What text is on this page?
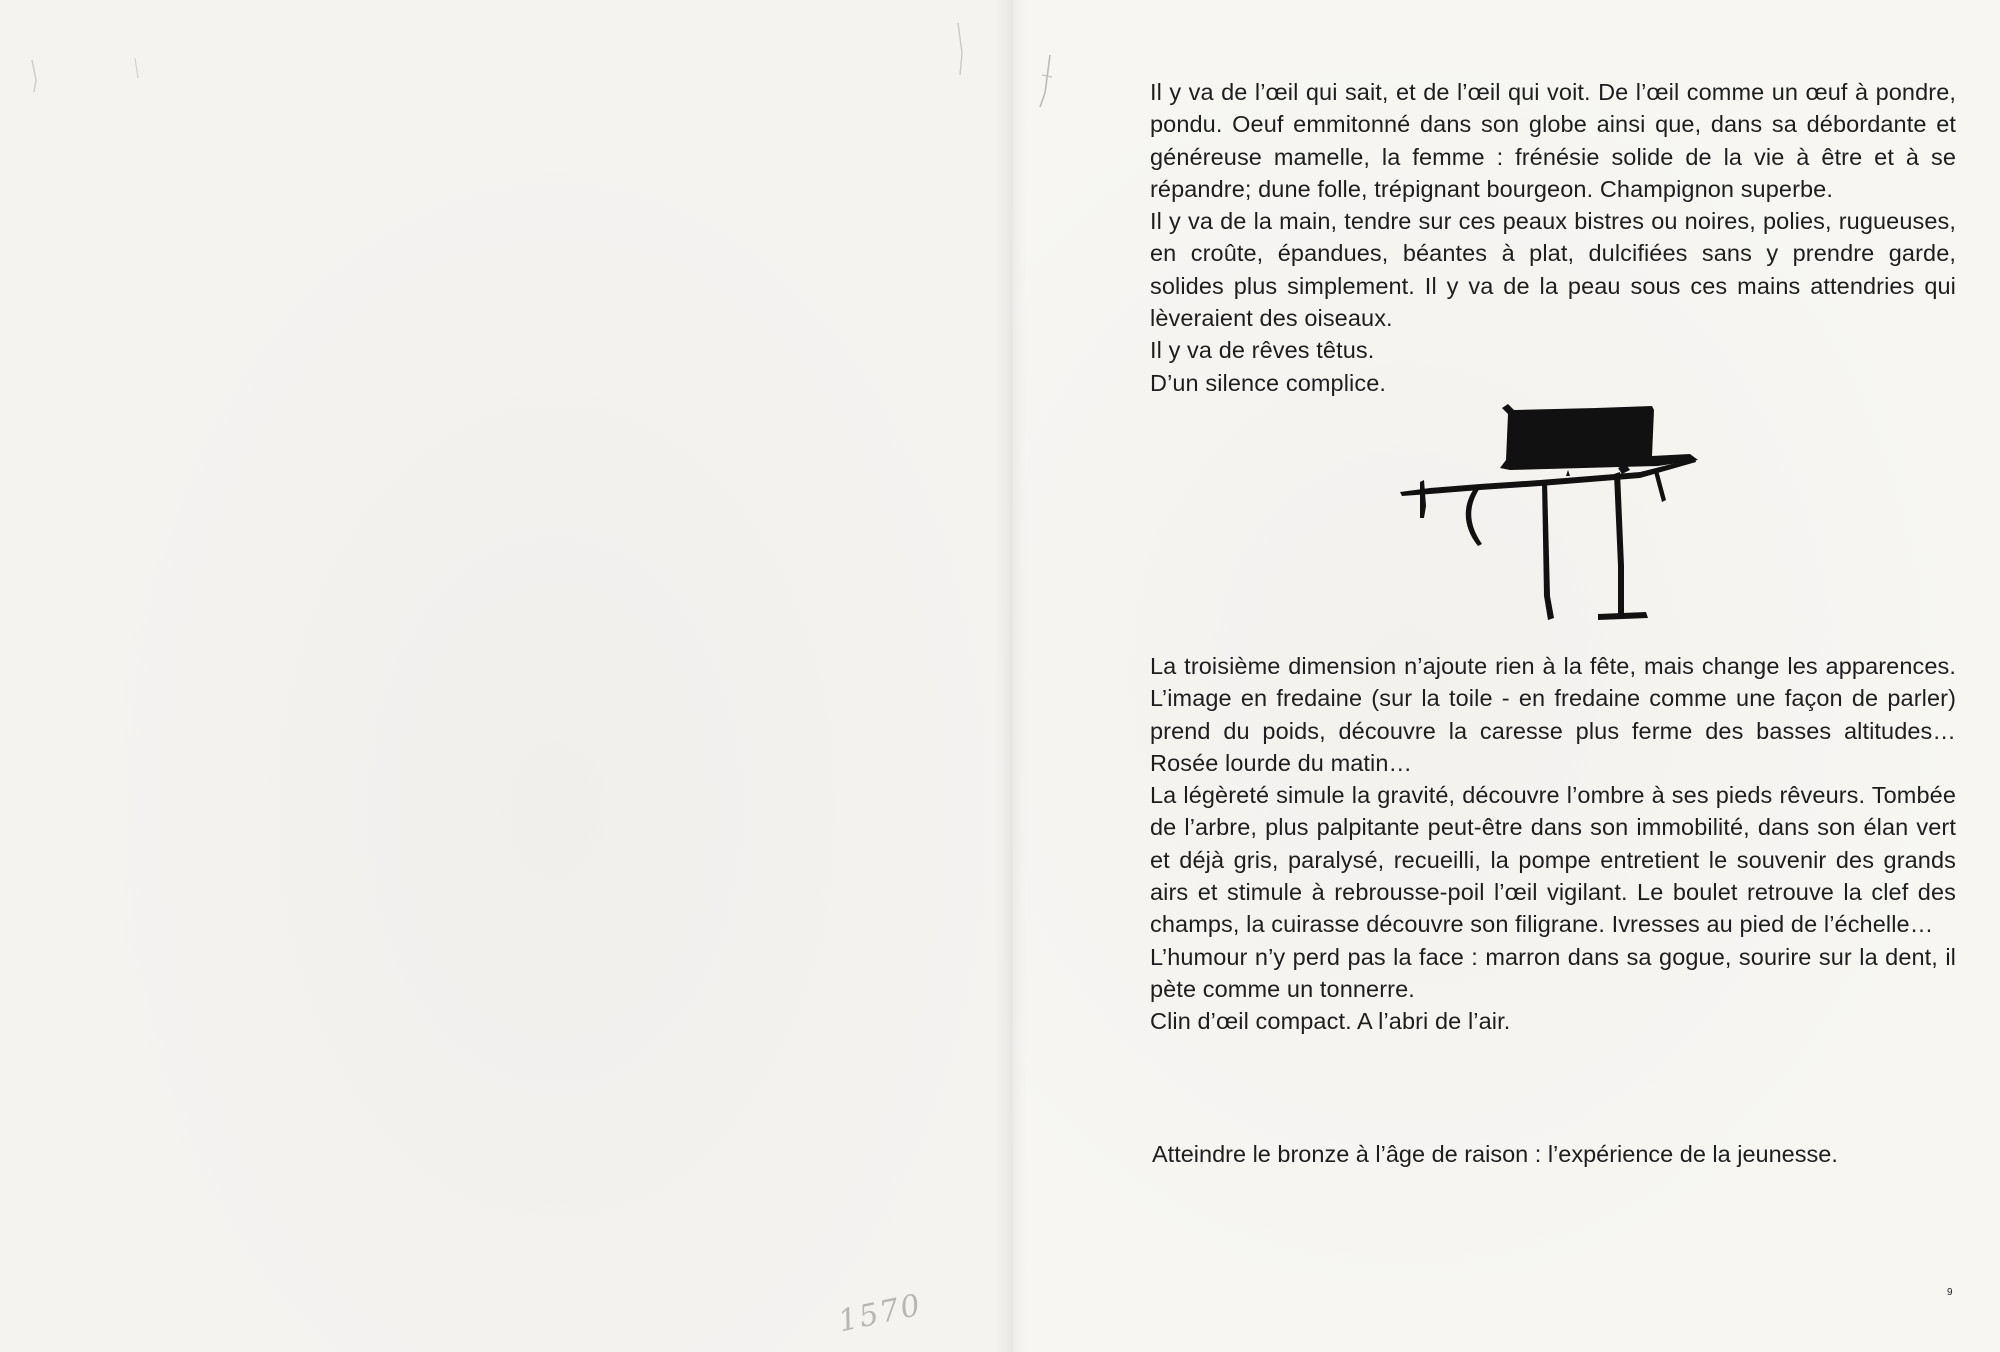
1570

Il y va de l’œil qui sait, et de l’œil qui voit. De l’œil comme un œuf à pondre, pondu. Oeuf emmitonné dans son globe ainsi que, dans sa débordante et généreuse mamelle, la femme : frénésie solide de la vie à être et à se répandre; dune folle, trépignant bourgeon. Champignon superbe.

Il y va de la main, tendre sur ces peaux bistres ou noires, polies, rugueuses, en croûte, épandues, béantes à plat, dulcifiées sans y prendre garde, solides plus simplement. Il y va de la peau sous ces mains attendries qui lèveraient des oiseaux.

Il y va de rêves têtus.

D’un silence complice.

La troisième dimension n’ajoute rien à la fête, mais change les apparences. L’image en fredaine (sur la toile - en fredaine comme une façon de parler) prend du poids, découvre la caresse plus ferme des basses altitudes… Rosée lourde du matin…

La légèreté simule la gravité, découvre l’ombre à ses pieds rêveurs. Tombée de l’arbre, plus palpitante peut-être dans son immobilité, dans son élan vert et déjà gris, paralysé, recueilli, la pompe entretient le souvenir des grands airs et stimule à rebrousse-poil l’œil vigilant. Le boulet retrouve la clef des champs, la cuirasse découvre son filigrane. Ivresses au pied de l’échelle…

L’humour n’y perd pas la face : marron dans sa gogue, sourire sur la dent, il pète comme un tonnerre.

Clin d’œil compact. A l’abri de l’air.

Atteindre le bronze à l’âge de raison : l’expérience de la jeunesse.
9
